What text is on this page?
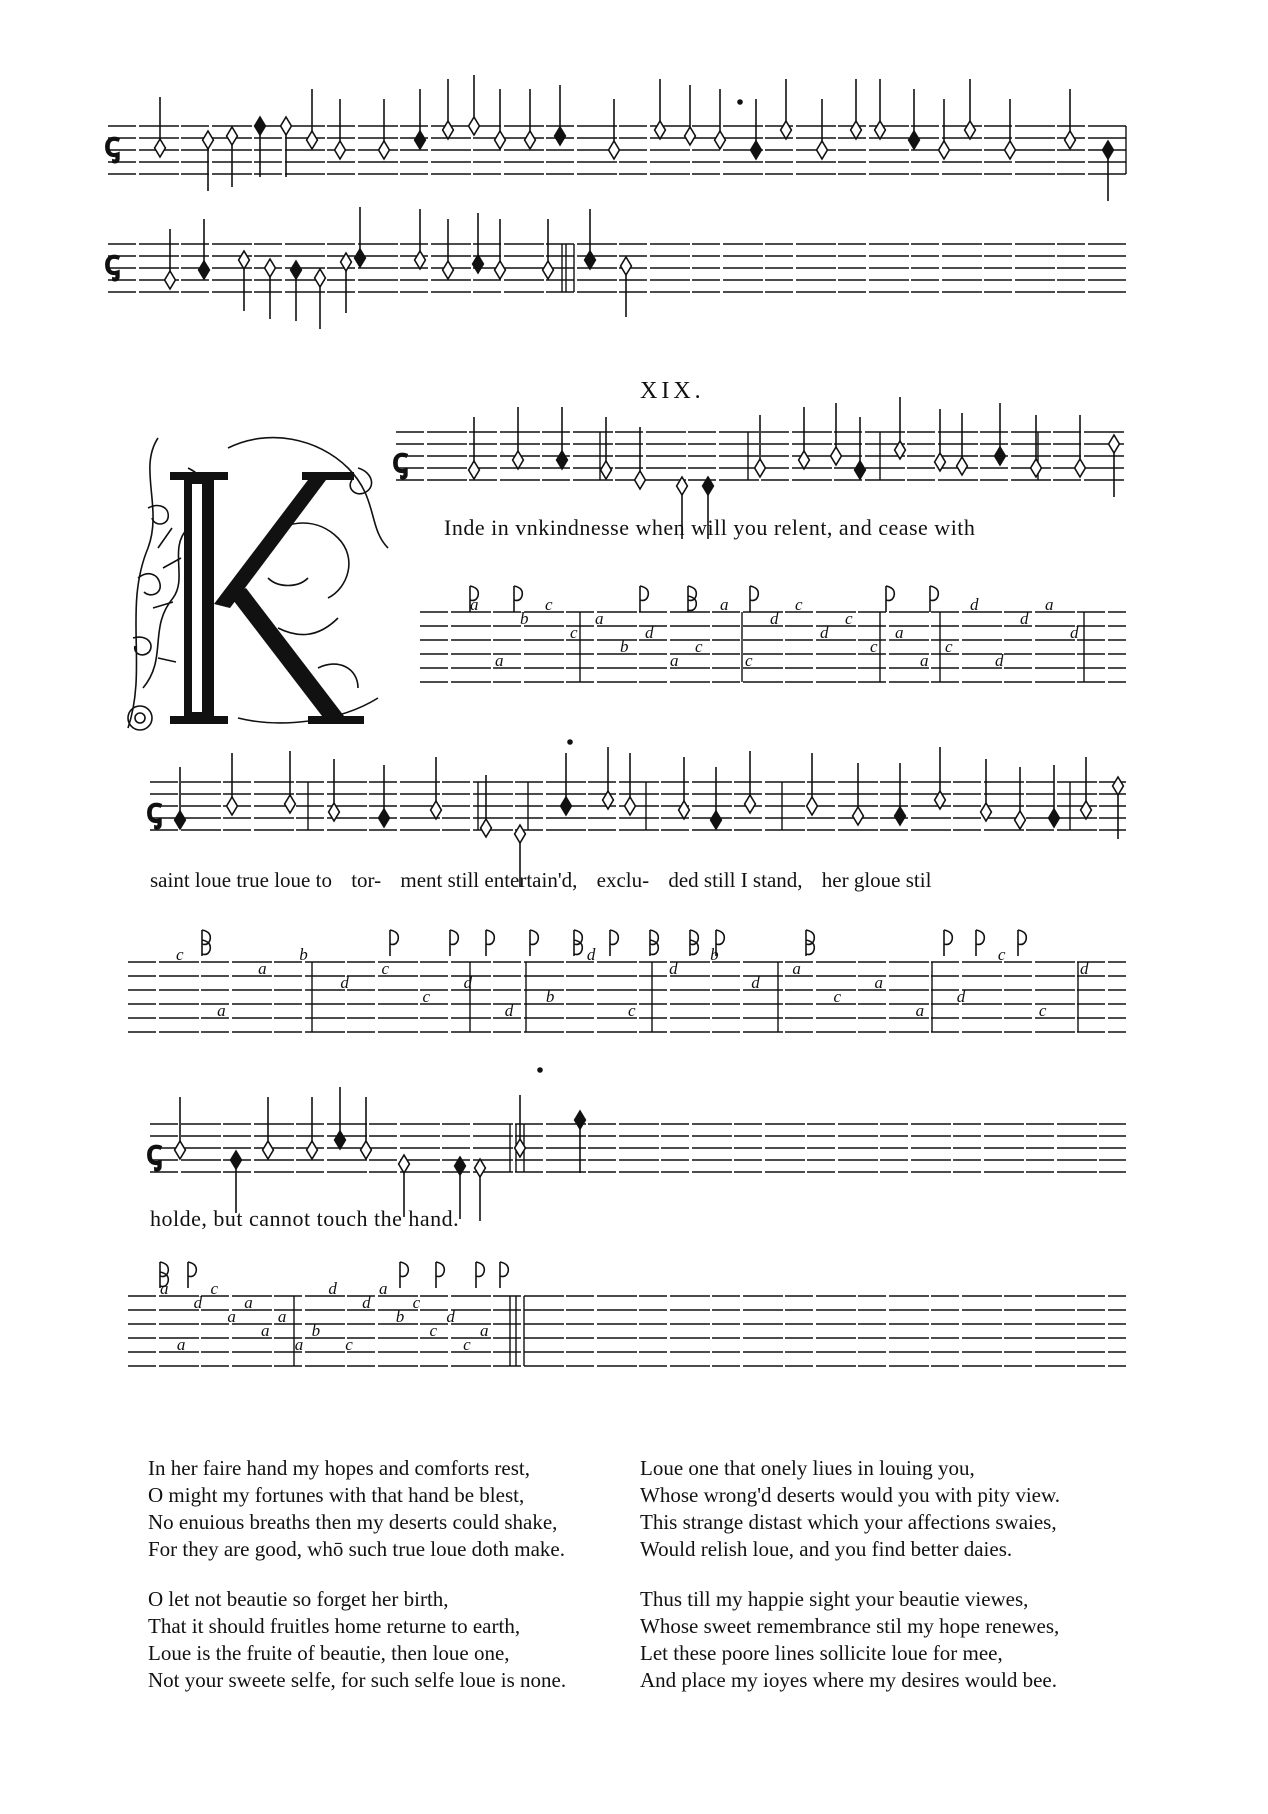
ꞔ
ꞔ
ꞔ
ꞔ
ꞔ
a
a
b
c
c
a
b
d
a
c
a
c
d
c
d
c
c
a
a
c
d
d
d
a
d
c
a
a
b
d
c
c
d
d
b
d
c
d
b
d
a
c
a
a
d
c
c
d
a
a
d
c
a
a
a
a
a
b
d
c
d
a
b
c
c
d
c
a
XIX.
Inde in vnkindnesse when will you relent, and cease with
saint loue true loue to tor- ment still entertain'd, exclu- ded still I stand, her gloue stil
holde, but cannot touch the hand.
In her faire hand my hopes and comforts rest,
O might my fortunes with that hand be blest,
No enuious breaths then my deserts could shake,
For they are good, whō such true loue doth make.
Loue one that onely liues in louing you,
Whose wrong'd deserts would you with pity view.
This strange distast which your affections swaies,
Would relish loue, and you find better daies.
O let not beautie so forget her birth,
That it should fruitles home returne to earth,
Loue is the fruite of beautie, then loue one,
Not your sweete selfe, for such selfe loue is none.
Thus till my happie sight your beautie viewes,
Whose sweet remembrance stil my hope renewes,
Let these poore lines sollicite loue for mee,
And place my ioyes where my desires would bee.
